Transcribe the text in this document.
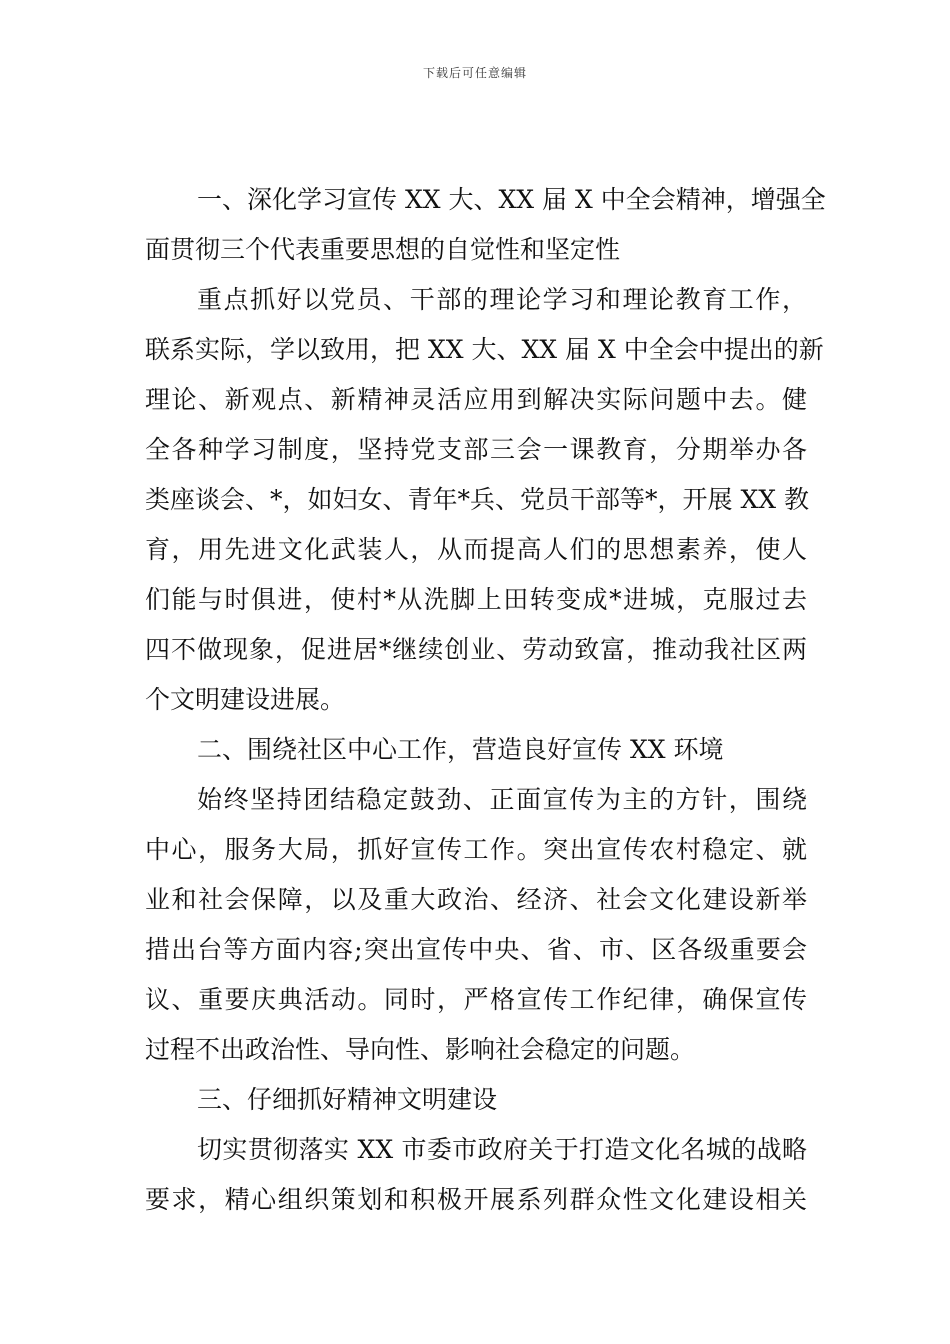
下载后可任意编辑
一、深化学习宣传 XX 大、XX 届 X 中全会精神，增强全
面贯彻三个代表重要思想的自觉性和坚定性
重点抓好以党员、干部的理论学习和理论教育工作，
联系实际，学以致用，把 XX 大、XX 届 X 中全会中提出的新
理论、新观点、新精神灵活应用到解决实际问题中去。健
全各种学习制度，坚持党支部三会一课教育，分期举办各
类座谈会、*，如妇女、青年*兵、党员干部等*，开展 XX 教
育，用先进文化武装人，从而提高人们的思想素养，使人
们能与时俱进，使村*从洗脚上田转变成*进城，克服过去
四不做现象，促进居*继续创业、劳动致富，推动我社区两
个文明建设进展。
二、围绕社区中心工作，营造良好宣传 XX 环境
始终坚持团结稳定鼓劲、正面宣传为主的方针，围绕
中心，服务大局，抓好宣传工作。突出宣传农村稳定、就
业和社会保障，以及重大政治、经济、社会文化建设新举
措出台等方面内容;突出宣传中央、省、市、区各级重要会
议、重要庆典活动。同时，严格宣传工作纪律，确保宣传
过程不出政治性、导向性、影响社会稳定的问题。
三、仔细抓好精神文明建设
切实贯彻落实 XX 市委市政府关于打造文化名城的战略
要求，精心组织策划和积极开展系列群众性文化建设相关
